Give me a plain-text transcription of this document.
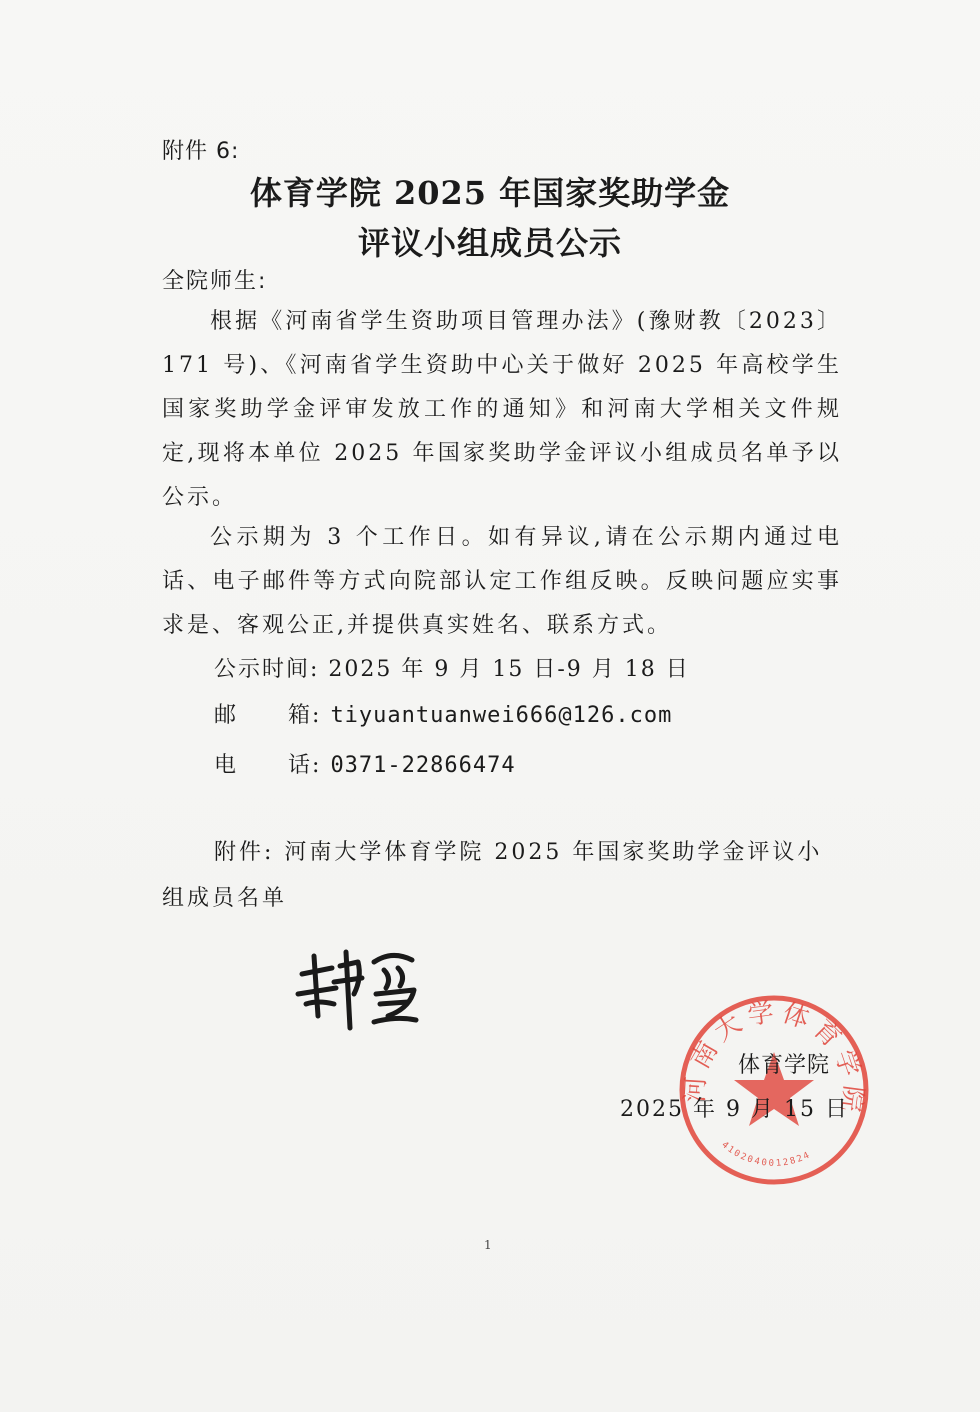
附件 6:
体育学院 2025 年国家奖助学金
评议小组成员公示
全院师生:
根据《河南省学生资助项目管理办法》(豫财教〔2023〕171 号)、《河南省学生资助中心关于做好 2025 年高校学生国家奖助学金评审发放工作的通知》和河南大学相关文件规定,现将本单位 2025 年国家奖助学金评议小组成员名单予以公示。
公示期为 3 个工作日。如有异议,请在公示期内通过电话、电子邮件等方式向院部认定工作组反映。反映问题应实事求是、客观公正,并提供真实姓名、联系方式。
公示时间: 2025 年 9 月 15 日-9 月 18 日
邮 箱: tiyuantuanwei666@126.com
电 话: 0371-22866474
附件: 河南大学体育学院 2025 年国家奖助学金评议小组成员名单
河南大学体育学院
4102040012824
体育学院
2025 年 9 月 15 日
1
